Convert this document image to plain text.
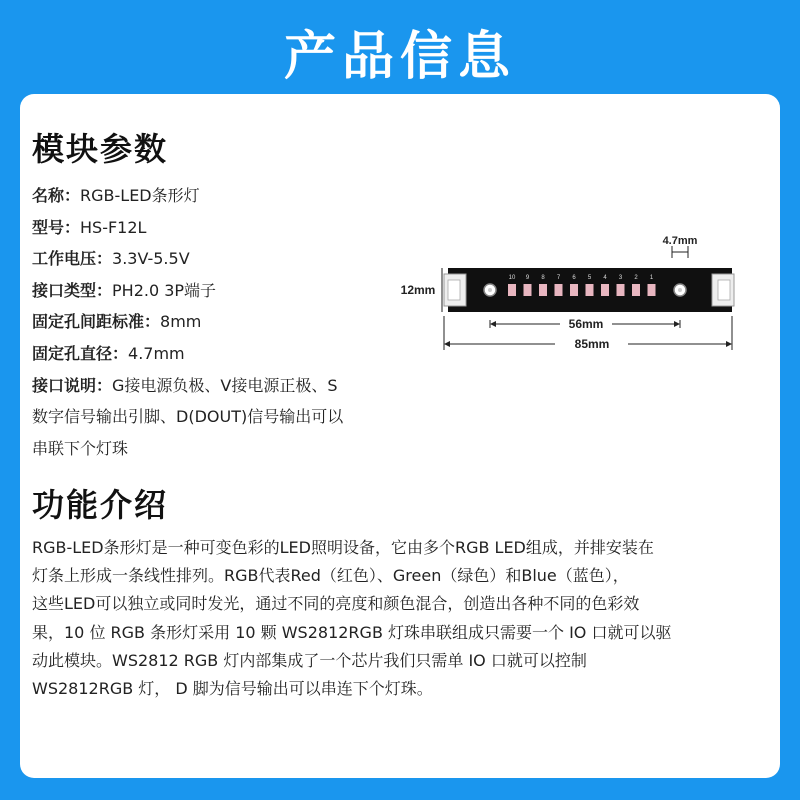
产品信息
模块参数
名称：RGB-LED条形灯
型号：HS-F12L
工作电压：3.3V-5.5V
接口类型：PH2.0 3P端子
固定孔间距标准：8mm
固定孔直径：4.7mm
接口说明：G接电源负极、V接电源正极、S数字信号输出引脚、D(DOUT)信号输出可以串联下个灯珠
4.7mm
12mm
10 9 8 7 6 5 4 3 2 1
56mm
85mm
功能介绍
RGB-LED条形灯是一种可变色彩的LED照明设备，它由多个RGB LED组成，并排安装在
灯条上形成一条线性排列。RGB代表Red（红色）、Green（绿色）和Blue（蓝色），
这些LED可以独立或同时发光，通过不同的亮度和颜色混合，创造出各种不同的色彩效
果，10 位 RGB 条形灯采用 10 颗 WS2812RGB 灯珠串联组成只需要一个 IO 口就可以驱
动此模块。WS2812 RGB 灯内部集成了一个芯片我们只需单 IO 口就可以控制
WS2812RGB 灯， D 脚为信号输出可以串连下个灯珠。
